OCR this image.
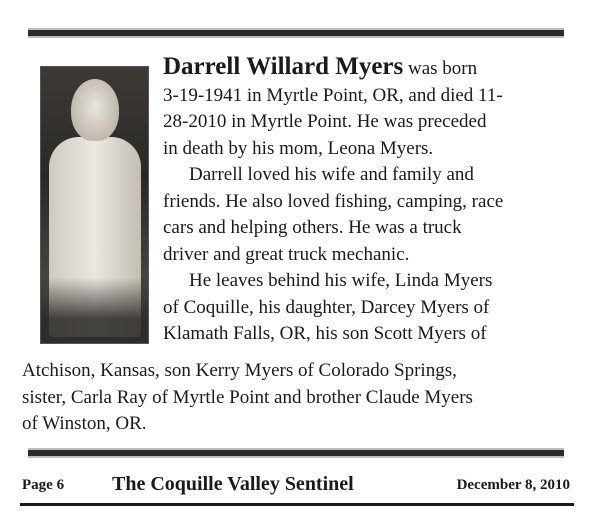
Darrell Willard Myers was born

3-19-1941 in Myrtle Point, OR, and died 11-

28-2010 in Myrtle Point. He was preceded

in death by his mom, Leona Myers.

Darrell loved his wife and family and

friends. He also loved fishing, camping, race

cars and helping others. He was a truck

driver and great truck mechanic.

He leaves behind his wife, Linda Myers

of Coquille, his daughter, Darcey Myers of

Klamath Falls, OR, his son Scott Myers of

Atchison, Kansas, son Kerry Myers of Colorado Springs,

sister, Carla Ray of Myrtle Point and brother Claude Myers

of Winston, OR.

Page 6 The Coquille Valley Sentinel	December 8, 2010
